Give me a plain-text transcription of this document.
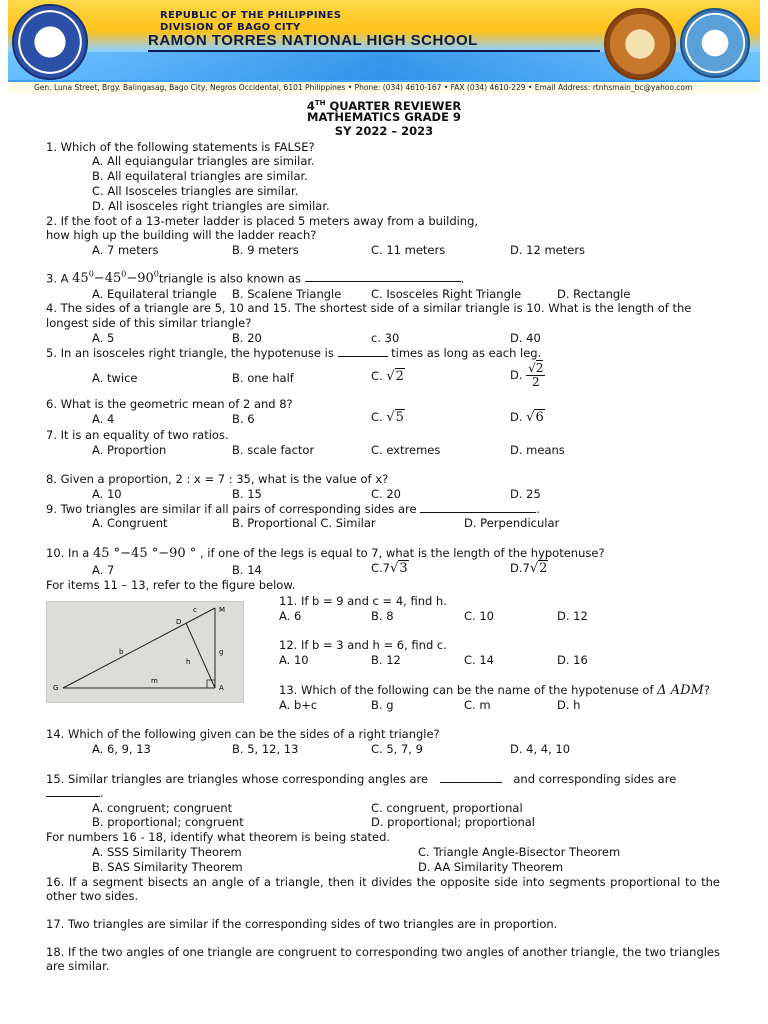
REPUBLIC OF THE PHILIPPINES
DIVISION OF BAGO CITY
RAMON TORRES NATIONAL HIGH SCHOOL
Gen. Luna Street, Brgy. Balingasag, Bago City, Negros Occidental, 6101 Philippines • Phone: (034) 4610-167 • FAX (034) 4610-229 • Email Address: rtnhsmain_bc@yahoo.com
4TH QUARTER REVIEWER
MATHEMATICS GRADE 9
SY 2022 – 2023
1. Which of the following statements is FALSE?
A. All equiangular triangles are similar.
B. All equilateral triangles are similar.
C. All Isosceles triangles are similar.
D. All isosceles right triangles are similar.
2. If the foot of a 13-meter ladder is placed 5 meters away from a building,
how high up the building will the ladder reach?
A. 7 meters	B. 9 meters	C. 11 meters	D. 12 meters
3. A $45^0-45^0-90^0triangle$ is also known as	.
A. Equilateral triangle B. Scalene Triangle	C. Isosceles Right Triangle	D. Rectangle
4. The sides of a triangle are 5, 10 and 15. The shortest side of a similar triangle is 10. What is the length of the
longest side of this similar triangle?
A. 5	B. 20	c. 30	D. 40
5. In an isosceles right triangle, the hypotenuse is	times as long as each leg.
A. twice	B. one half	C. √2	D. $\frac{√2}{2}$
6. What is the geometric mean of 2 and 8?
A. 4	B. 6	C. √5	D. √6
7. It is an equality of two ratios.
A. Proportion	B. scale factor	C. extremes	D. means
8. Given a proportion, 2 : x = 7 : 35, what is the value of x?
A. 10	B. 15	C. 20	D. 25
9. Two triangles are similar if all pairs of corresponding sides are	.
A. Congruent	B. Proportional C. Similar	D. Perpendicular
10. In a 45 °−45 °−90 ° , if one of the legs is equal to 7, what is the length of the hypotenuse?
A. 7	B. 14	C.7√3	D.7√2
For items 11 – 13, refer to the figure below.
M
c
D
b	g
h
m
G	A
11. If b = 9 and c = 4, find h.
A. 6	B. 8	C. 10	D. 12
12. If b = 3 and h = 6, find c.
A. 10	B. 12	C. 14	D. 16
13. Which of the following can be the name of the hypotenuse of Δ ADM?
A. b+c	B. g	C. m	D. h
14. Which of the following given can be the sides of a right triangle?
A. 6, 9, 13	B. 5, 12, 13	C. 5, 7, 9	D. 4, 4, 10
15. Similar triangles are triangles whose corresponding angles are	and corresponding sides are
.
A. congruent; congruent
B. proportional; congruent
C. congruent, proportional
D. proportional; proportional
For numbers 16 - 18, identify what theorem is being stated.
A. SSS Similarity Theorem
B. SAS Similarity Theorem
C. Triangle Angle-Bisector Theorem
D. AA Similarity Theorem
16. If a segment bisects an angle of a triangle, then it divides the opposite side into segments proportional to the other two sides.
17. Two triangles are similar if the corresponding sides of two triangles are in proportion.
18. If the two angles of one triangle are congruent to corresponding two angles of another triangle, the two triangles are similar.
